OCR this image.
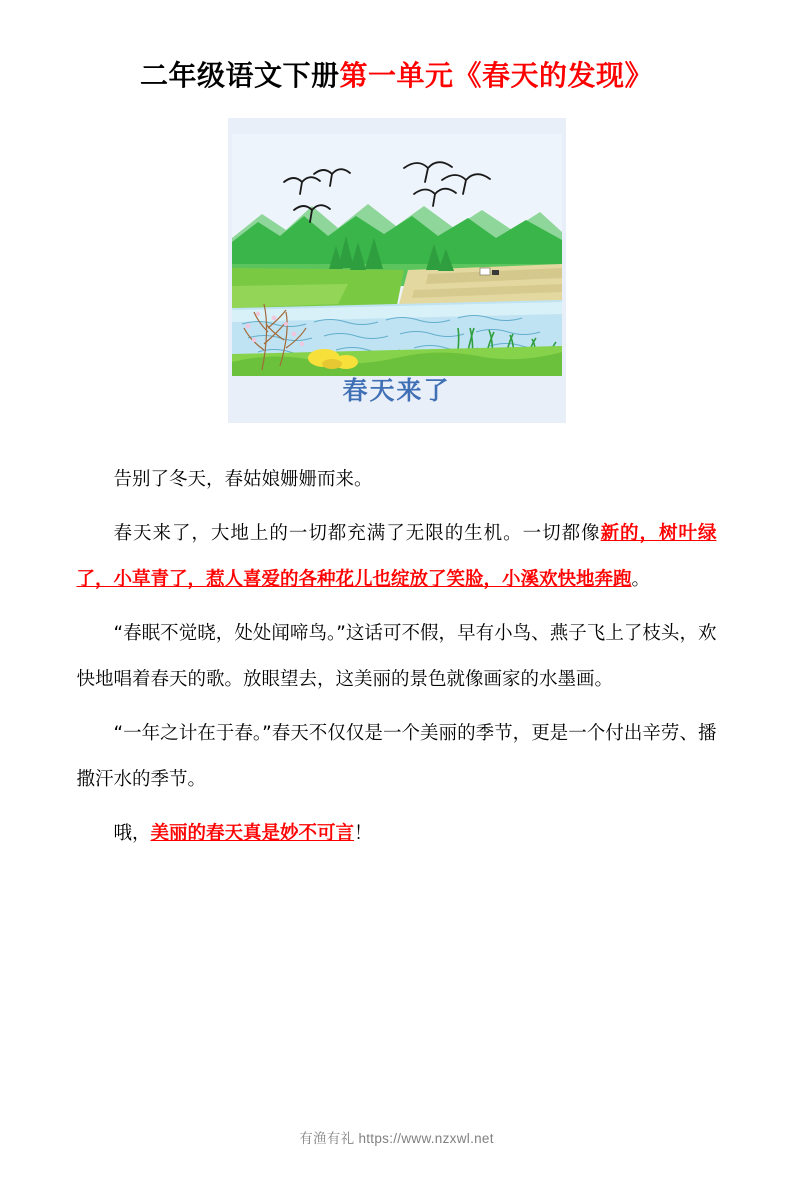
二年级语文下册第一单元《春天的发现》
春天来了

告别了冬天，春姑娘姗姗而来。

春天来了，大地上的一切都充满了无限的生机。一切都像新的，树叶绿了，小草青了，惹人喜爱的各种花儿也绽放了笑脸，小溪欢快地奔跑。

“春眠不觉晓，处处闻啼鸟。”这话可不假，早有小鸟、燕子飞上了枝头，欢快地唱着春天的歌。放眼望去，这美丽的景色就像画家的水墨画。

“一年之计在于春。”春天不仅仅是一个美丽的季节，更是一个付出辛劳、播撒汗水的季节。

哦，美丽的春天真是妙不可言！

有渔有礼 https://www.nzxwl.net
